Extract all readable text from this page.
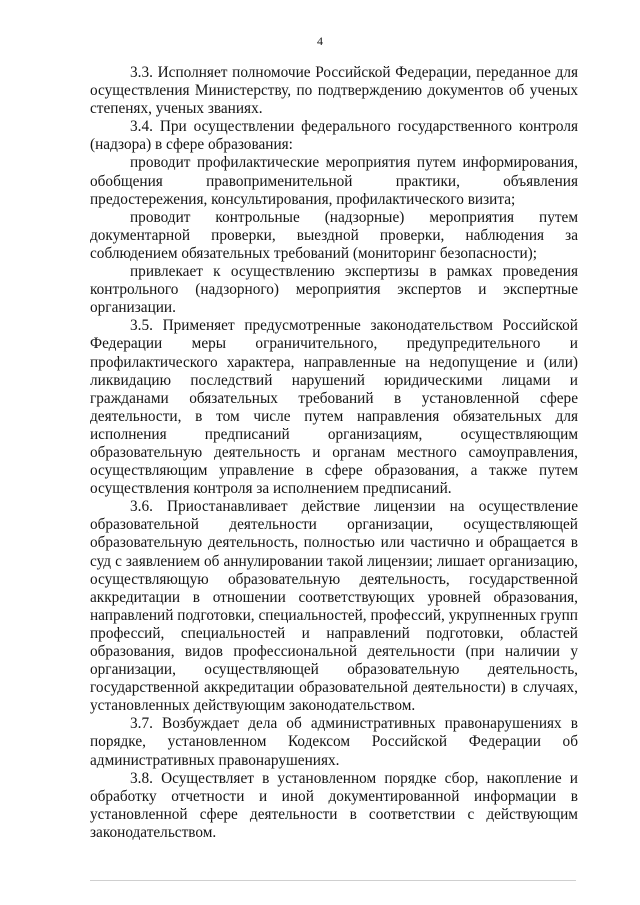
4

3.3. Исполняет полномочие Российской Федерации, переданное для осуществления Министерству, по подтверждению документов об ученых степенях, ученых званиях.

3.4. При осуществлении федерального государственного контроля (надзора) в сфере образования:

проводит профилактические мероприятия путем информирования, обобщения правоприменительной практики, объявления предостережения, консультирования, профилактического визита;

проводит контрольные (надзорные) мероприятия путем документарной проверки, выездной проверки, наблюдения за соблюдением обязательных требований (мониторинг безопасности);

привлекает к осуществлению экспертизы в рамках проведения контрольного (надзорного) мероприятия экспертов и экспертные организации.

3.5. Применяет предусмотренные законодательством Российской Федерации меры ограничительного, предупредительного и профилактического характера, направленные на недопущение и (или) ликвидацию последствий нарушений юридическими лицами и гражданами обязательных требований в установленной сфере деятельности, в том числе путем направления обязательных для исполнения предписаний организациям, осуществляющим образовательную деятельность и органам местного самоуправления, осуществляющим управление в сфере образования, а также путем осуществления контроля за исполнением предписаний.

3.6. Приостанавливает действие лицензии на осуществление образовательной деятельности организации, осуществляющей образовательную деятельность, полностью или частично и обращается в суд с заявлением об аннулировании такой лицензии; лишает организацию, осуществляющую образовательную деятельность, государственной аккредитации в отношении соответствующих уровней образования, направлений подготовки, специальностей, профессий, укрупненных групп профессий, специальностей и направлений подготовки, областей образования, видов профессиональной деятельности (при наличии у организации, осуществляющей образовательную деятельность, государственной аккредитации образовательной деятельности) в случаях, установленных действующим законодательством.

3.7. Возбуждает дела об административных правонарушениях в порядке, установленном Кодексом Российской Федерации об административных правонарушениях.

3.8. Осуществляет в установленном порядке сбор, накопление и обработку отчетности и иной документированной информации в установленной сфере деятельности в соответствии с действующим законодательством.
